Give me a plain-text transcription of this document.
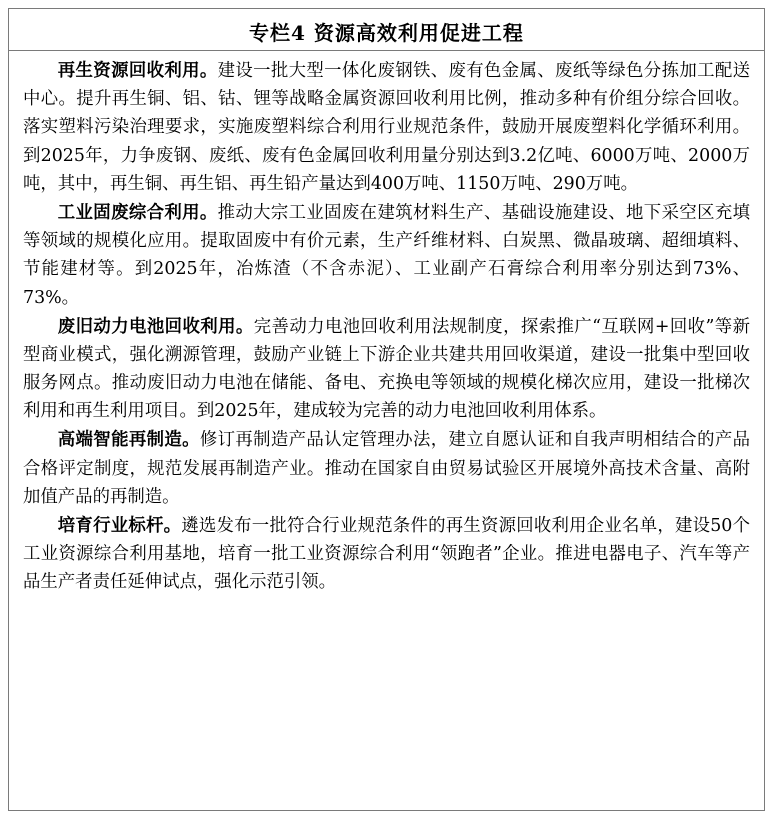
专栏4 资源高效利用促进工程

再生资源回收利用。建设一批大型一体化废钢铁、废有色金属、废纸等绿色分拣加工配送中心。提升再生铜、铝、钴、锂等战略金属资源回收利用比例，推动多种有价组分综合回收。落实塑料污染治理要求，实施废塑料综合利用行业规范条件，鼓励开展废塑料化学循环利用。到2025年，力争废钢、废纸、废有色金属回收利用量分别达到3.2亿吨、6000万吨、2000万吨，其中，再生铜、再生铝、再生铅产量达到400万吨、1150万吨、290万吨。

工业固废综合利用。推动大宗工业固废在建筑材料生产、基础设施建设、地下采空区充填等领域的规模化应用。提取固废中有价元素，生产纤维材料、白炭黑、微晶玻璃、超细填料、节能建材等。到2025年，冶炼渣（不含赤泥）、工业副产石膏综合利用率分别达到73%、73%。

废旧动力电池回收利用。完善动力电池回收利用法规制度，探索推广“互联网+回收”等新型商业模式，强化溯源管理，鼓励产业链上下游企业共建共用回收渠道，建设一批集中型回收服务网点。推动废旧动力电池在储能、备电、充换电等领域的规模化梯次应用，建设一批梯次利用和再生利用项目。到2025年，建成较为完善的动力电池回收利用体系。

高端智能再制造。修订再制造产品认定管理办法，建立自愿认证和自我声明相结合的产品合格评定制度，规范发展再制造产业。推动在国家自由贸易试验区开展境外高技术含量、高附加值产品的再制造。

培育行业标杆。遴选发布一批符合行业规范条件的再生资源回收利用企业名单，建设50个工业资源综合利用基地，培育一批工业资源综合利用“领跑者”企业。推进电器电子、汽车等产品生产者责任延伸试点，强化示范引领。
